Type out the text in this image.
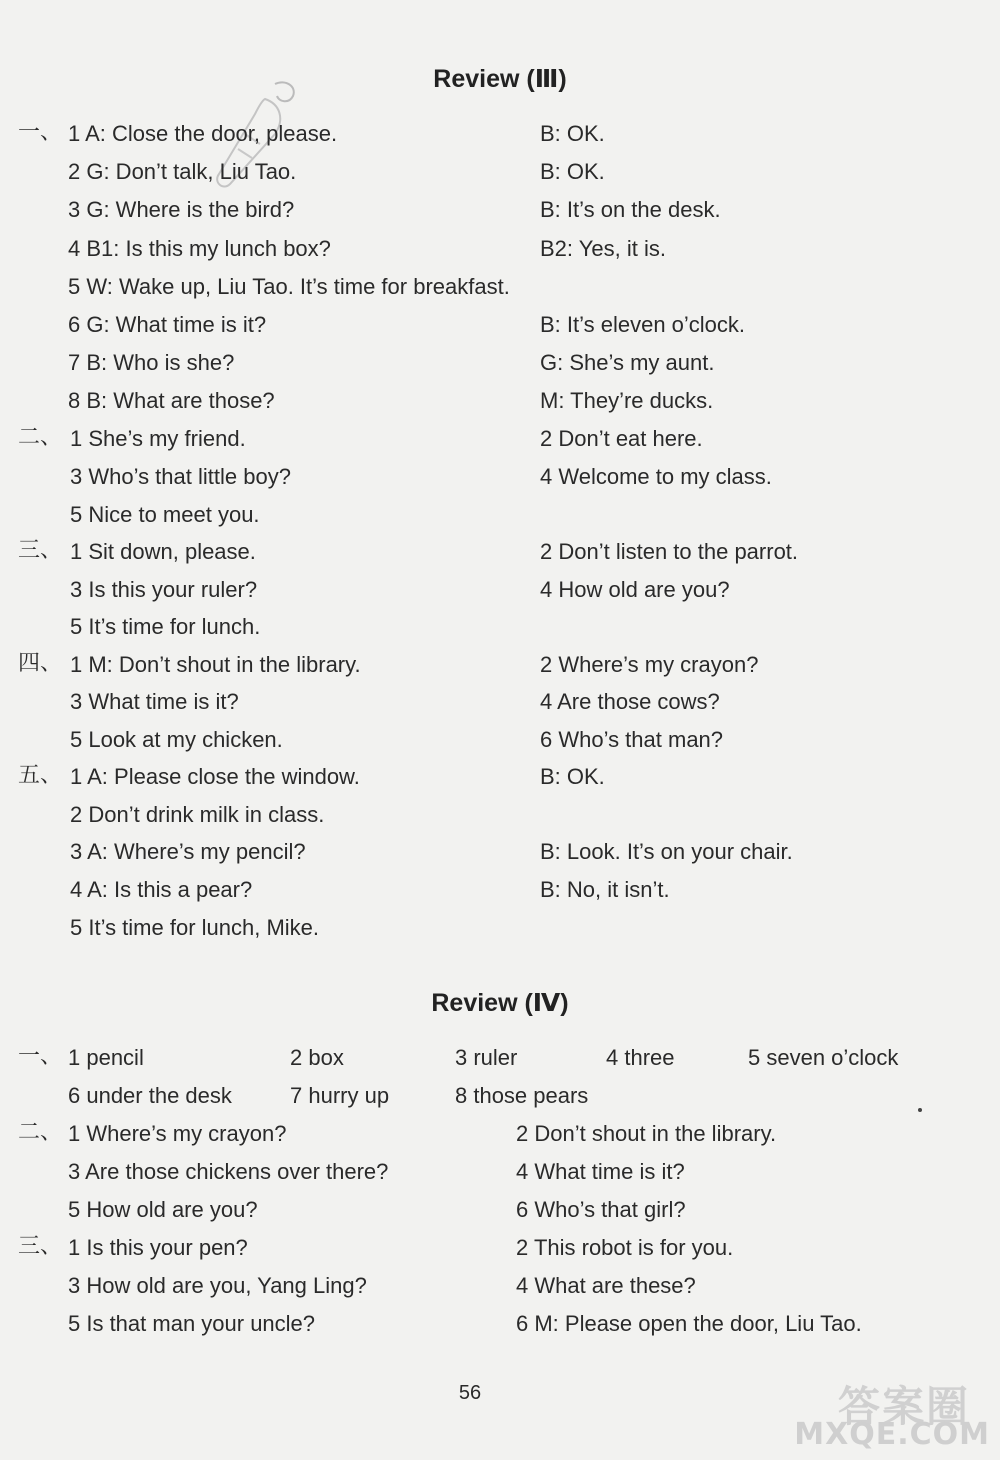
Review (Ⅲ)
一、 1 A: Close the door, please.	B: OK.
2 G: Don’t talk, Liu Tao.	B: OK.
3 G: Where is the bird?	B: It’s on the desk.
4 B1: Is this my lunch box?	B2: Yes, it is.
5 W: Wake up, Liu Tao. It’s time for breakfast.
6 G: What time is it?	B: It’s eleven o’clock.
7 B: Who is she?	G: She’s my aunt.
8 B: What are those?	M: They’re ducks.
二、 1 She’s my friend.	2 Don’t eat here.
3 Who’s that little boy?	4 Welcome to my class.
5 Nice to meet you.
三、 1 Sit down, please.	2 Don’t listen to the parrot.
3 Is this your ruler?	4 How old are you?
5 It’s time for lunch.
四、 1 M: Don’t shout in the library.	2 Where’s my crayon?
3 What time is it?	4 Are those cows?
5 Look at my chicken.	6 Who’s that man?
五、 1 A: Please close the window.	B: OK.
2 Don’t drink milk in class.
3 A: Where’s my pencil?	B: Look. It’s on your chair.
4 A: Is this a pear?	B: No, it isn’t.
5 It’s time for lunch, Mike.
Review (Ⅳ)
一、 1 pencil	2 box	3 ruler	4 three	5 seven o’clock
6 under the desk	7 hurry up	8 those pears
二、 1 Where’s my crayon?	2 Don’t shout in the library.
3 Are those chickens over there?	4 What time is it?
5 How old are you?	6 Who’s that girl?
三、 1 Is this your pen?	2 This robot is for you.
3 How old are you, Yang Ling?	4 What are these?
5 Is that man your uncle?	6 M: Please open the door, Liu Tao.
56	答案圈
MXQE.COM
